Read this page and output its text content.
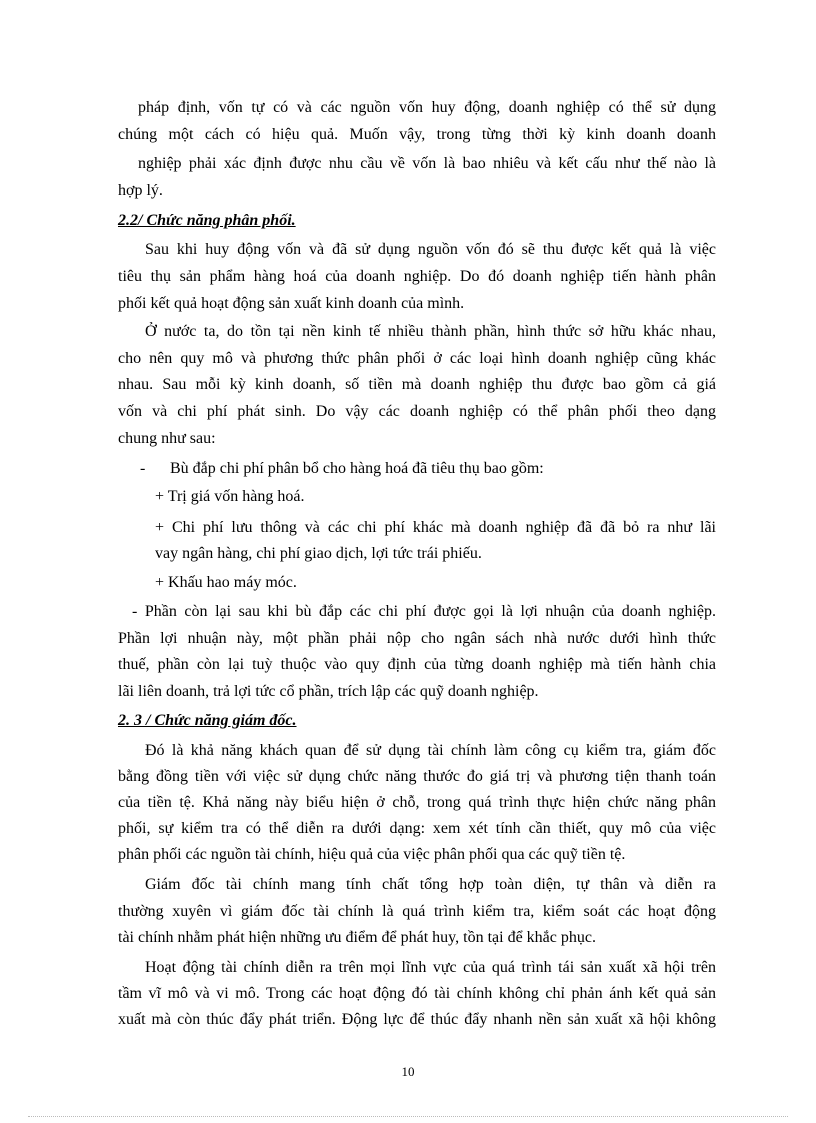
pháp định, vốn tự có và các nguồn vốn huy động, doanh nghiệp có thể sử dụng
chúng một cách có hiệu quả. Muốn vậy, trong từng thời kỳ kinh doanh doanh
nghiệp phải xác định được nhu cầu về vốn là bao nhiêu và kết cấu như thế nào là
hợp lý.
2.2/ Chức năng phân phối.
Sau khi huy động vốn và đã sử dụng nguồn vốn đó sẽ thu được kết quả là việc
tiêu thụ sản phẩm hàng hoá của doanh nghiệp. Do đó doanh nghiệp tiến hành phân
phối kết quả hoạt động sản xuất kinh doanh của mình.
Ở nước ta, do tồn tại nền kinh tế nhiều thành phần, hình thức sở hữu khác nhau,
cho nên quy mô và phương thức phân phối ở các loại hình doanh nghiệp cũng khác
nhau. Sau mỗi kỳ kinh doanh, số tiền mà doanh nghiệp thu được bao gồm cả giá
vốn và chi phí phát sinh. Do vậy các doanh nghiệp có thể phân phối theo dạng
chung như sau:
- Bù đắp chi phí phân bổ cho hàng hoá đã tiêu thụ bao gồm:
+ Trị giá vốn hàng hoá.
+ Chi phí lưu thông và các chi phí khác mà doanh nghiệp đã đã bỏ ra như lãi
vay ngân hàng, chi phí giao dịch, lợi tức trái phiếu.
+ Khấu hao máy móc.
- Phần còn lại sau khi bù đắp các chi phí được gọi là lợi nhuận của doanh nghiệp.
Phần lợi nhuận này, một phần phải nộp cho ngân sách nhà nước dưới hình thức
thuế, phần còn lại tuỳ thuộc vào quy định của từng doanh nghiệp mà tiến hành chia
lãi liên doanh, trả lợi tức cổ phần, trích lập các quỹ doanh nghiệp.
2. 3 / Chức năng giám đốc.
Đó là khả năng khách quan để sử dụng tài chính làm công cụ kiểm tra, giám đốc
bằng đồng tiền với việc sử dụng chức năng thước đo giá trị và phương tiện thanh toán
của tiền tệ. Khả năng này biểu hiện ở chỗ, trong quá trình thực hiện chức năng phân
phối, sự kiểm tra có thể diễn ra dưới dạng: xem xét tính cần thiết, quy mô của việc
phân phối các nguồn tài chính, hiệu quả của việc phân phối qua các quỹ tiền tệ.
Giám đốc tài chính mang tính chất tổng hợp toàn diện, tự thân và diễn ra
thường xuyên vì giám đốc tài chính là quá trình kiểm tra, kiểm soát các hoạt động
tài chính nhằm phát hiện những ưu điểm để phát huy, tồn tại để khắc phục.
Hoạt động tài chính diễn ra trên mọi lĩnh vực của quá trình tái sản xuất xã hội trên
tầm vĩ mô và vi mô. Trong các hoạt động đó tài chính không chỉ phản ánh kết quả sản
xuất mà còn thúc đẩy phát triển. Động lực để thúc đẩy nhanh nền sản xuất xã hội không
10
